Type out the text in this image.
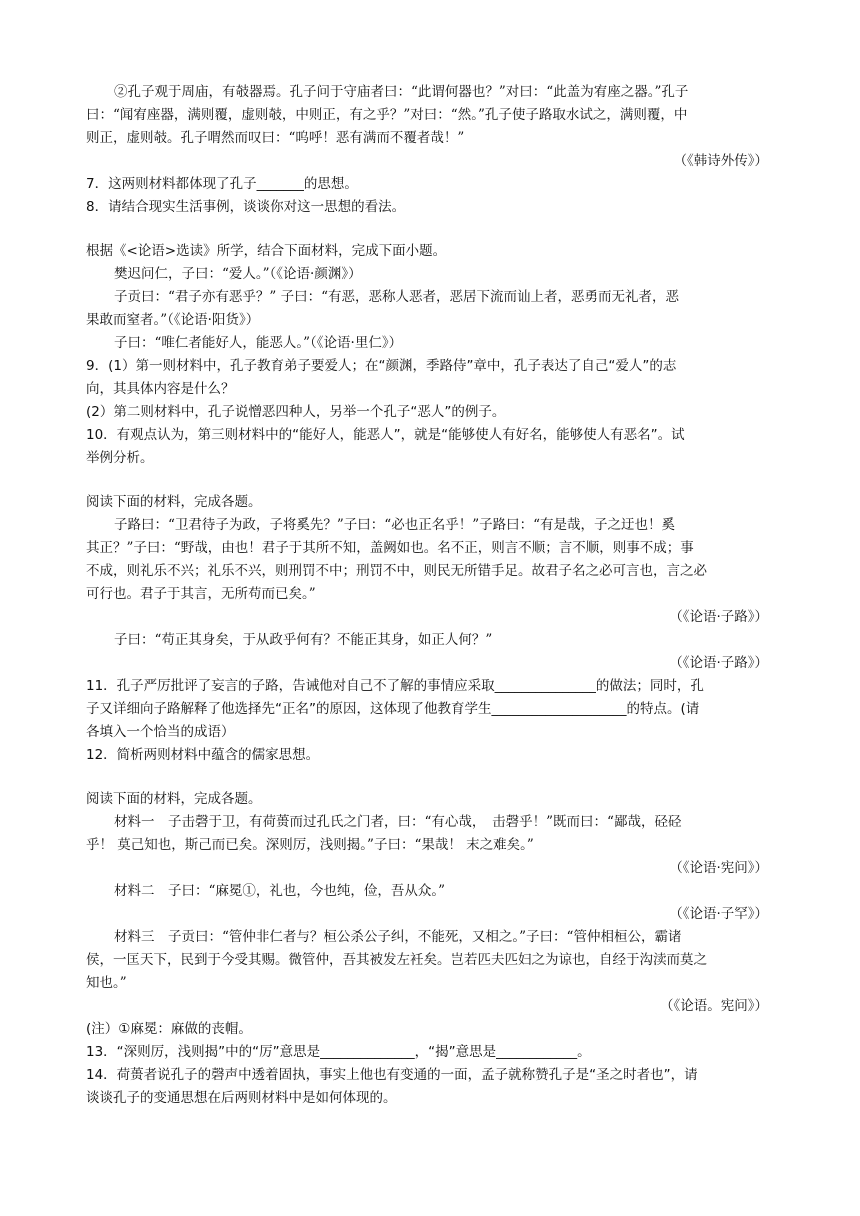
②孔子观于周庙，有攲器焉。孔子问于守庙者曰：“此谓何器也？”对曰：“此盖为宥座之器。”孔子
曰：“闻宥座器，满则覆，虚则攲，中则正，有之乎？”对曰：“然。”孔子使子路取水试之，满则覆，中
则正，虚则攲。孔子喟然而叹曰：“呜呼！恶有满而不覆者哉！”
（《韩诗外传》）
7．这两则材料都体现了孔子_______的思想。
8．请结合现实生活事例，谈谈你对这一思想的看法。
根据《<论语>选读》所学，结合下面材料，完成下面小题。
樊迟问仁，子曰：“爱人。”（《论语·颜渊》）
子贡曰：“君子亦有恶乎？” 子曰：“有恶，恶称人恶者，恶居下流而讪上者，恶勇而无礼者，恶
果敢而窒者。”（《论语·阳货》）
子曰：“唯仁者能好人，能恶人。”（《论语·里仁》）
9．(1）第一则材料中，孔子教育弟子要爱人；在“颜渊，季路侍”章中，孔子表达了自己“爱人”的志
向，其具体内容是什么？
(2）第二则材料中，孔子说憎恶四种人，另举一个孔子“恶人”的例子。
10．有观点认为，第三则材料中的“能好人，能恶人”，就是“能够使人有好名，能够使人有恶名”。试
举例分析。
阅读下面的材料，完成各题。
子路曰：“卫君待子为政，子将奚先？”子曰：“必也正名乎！”子路曰：“有是哉，子之迂也！奚
其正？”子曰：“野哉，由也！君子于其所不知，盖阙如也。名不正，则言不顺；言不顺，则事不成；事
不成，则礼乐不兴；礼乐不兴，则刑罚不中；刑罚不中，则民无所错手足。故君子名之必可言也，言之必
可行也。君子于其言，无所苟而已矣。”
（《论语·子路》）
子曰：“苟正其身矣，于从政乎何有？不能正其身，如正人何？”
（《论语·子路》）
11．孔子严厉批评了妄言的子路，告诫他对自己不了解的事情应采取_______________的做法；同时，孔
子又详细向子路解释了他选择先“正名”的原因，这体现了他教育学生____________________的特点。(请
各填入一个恰当的成语）
12．简析两则材料中蕴含的儒家思想。
阅读下面的材料，完成各题。
材料一　子击磬于卫，有荷蒉而过孔氏之门者，曰：“有心哉，　击磬乎！”既而曰：“鄙哉，硁硁
乎！ 莫己知也，斯己而已矣。深则厉，浅则揭。”子曰：“果哉！ 末之难矣。”
（《论语·宪问》）
材料二　子曰：“麻冕①，礼也，今也纯，俭，吾从众。”
（《论语·子罕》）
材料三　子贡曰：“管仲非仁者与？桓公杀公子纠，不能死，又相之。”子曰：“管仲相桓公，霸诸
侯，一匡天下，民到于今受其赐。微管仲，吾其被发左衽矣。岂若匹夫匹妇之为谅也，自经于沟渎而莫之
知也。”
（《论语。宪问》）
(注）①麻冕：麻做的丧帽。
13．“深则厉，浅则揭”中的“厉”意思是______________，“揭”意思是____________。
14．荷蒉者说孔子的磬声中透着固执，事实上他也有变通的一面，孟子就称赞孔子是“圣之时者也”，请
谈谈孔子的变通思想在后两则材料中是如何体现的。
